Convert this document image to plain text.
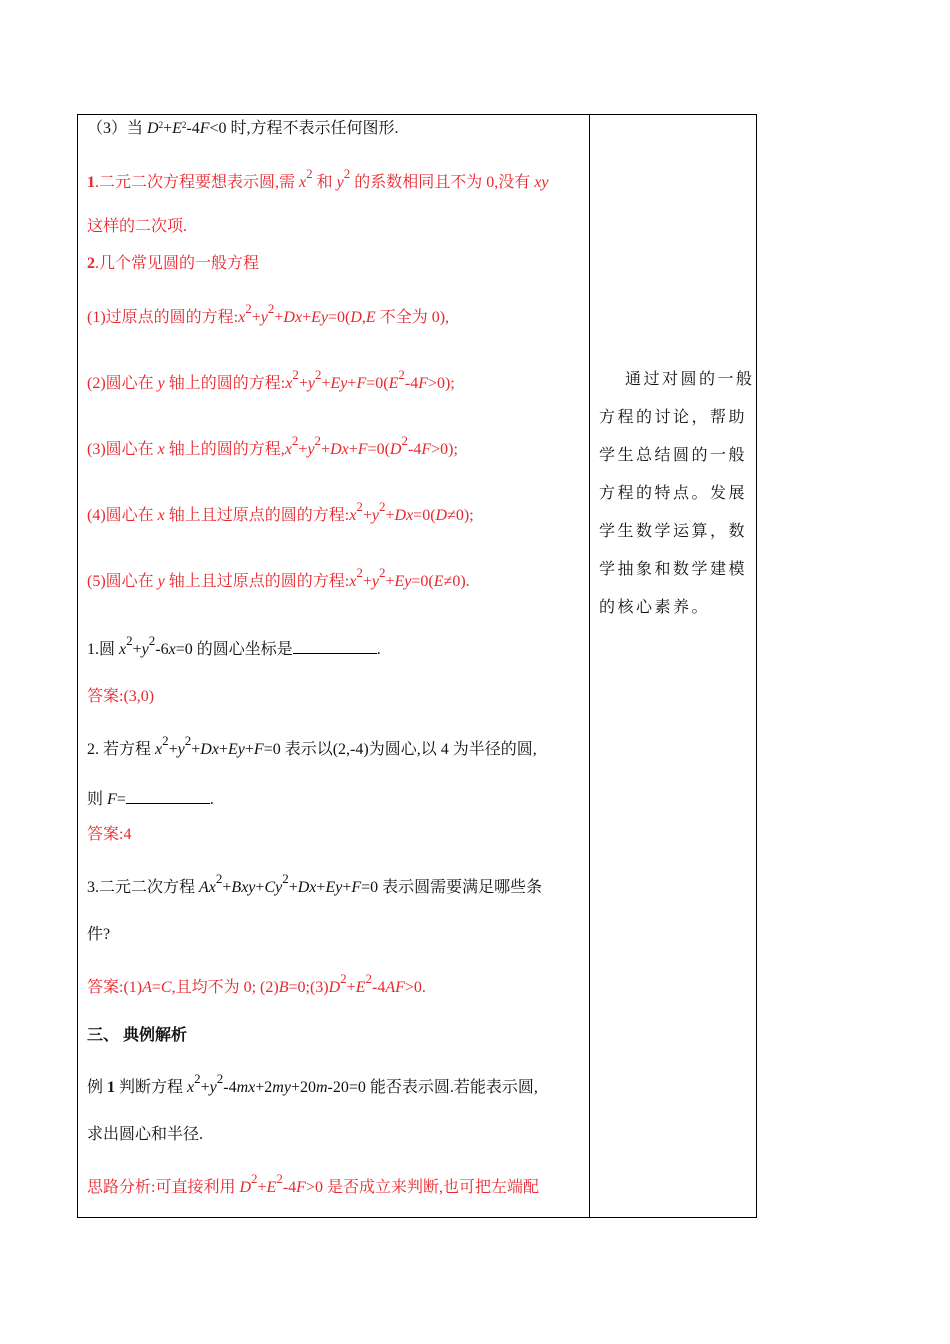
（3）当 $D^2+E^2-4F<0$ 时,方程不表示任何图形.
1.二元二次方程要想表示圆,需 $x^2$ 和 $y^2$ 的系数相同且不为 0,没有 xy
这样的二次项.
2.几个常见圆的一般方程
(1)过原点的圆的方程$:x^2+y^2+Dx+Ey=0(D,E$ 不全为 0),
(2)圆心在 y 轴上的圆的方程$:x^2+y^2+Ey+F=0(E^2-4F>0)$;
(3)圆心在 x 轴上的圆的方程$,x^2+y^2+Dx+F=0(D^2-4F>0)$;
(4)圆心在 x 轴上且过原点的圆的方程$:x^2+y^2+Dx=0(D\ne 0)$;
(5)圆心在 y 轴上且过原点的圆的方程$:x^2+y^2+Ey=0(E\ne 0)$.
1.圆 $x^2+y^2-6x=0$ 的圆心坐标是	.
答案:(3,0)
2. 若方程 $x^2+y^2+Dx+Ey+F=0$ 表示以(2,-4)为圆心,以 4 为半径的圆,
则 F=	.
答案:4
3.二元二次方程 $Ax^2+Bxy+Cy^2+Dx+Ey+F=0$ 表示圆需要满足哪些条
件?
答案:(1)A=C,且均不为 0; $(2)B=0;(3)D^2+E^2-4AF>0$.
三、 典例解析
例 1 判断方程 $x^2+y^2-4mx+2my+20m-20=0$ 能否表示圆.若能表示圆,
求出圆心和半径.
思路分析:可直接利用 $D^2+E^2-4F>0$ 是否成立来判断,也可把左端配
通过对圆的一般
方程的讨论，帮助
学生总结圆的一般
方程的特点。发展
学生数学运算，数
学抽象和数学建模
的核心素养。
